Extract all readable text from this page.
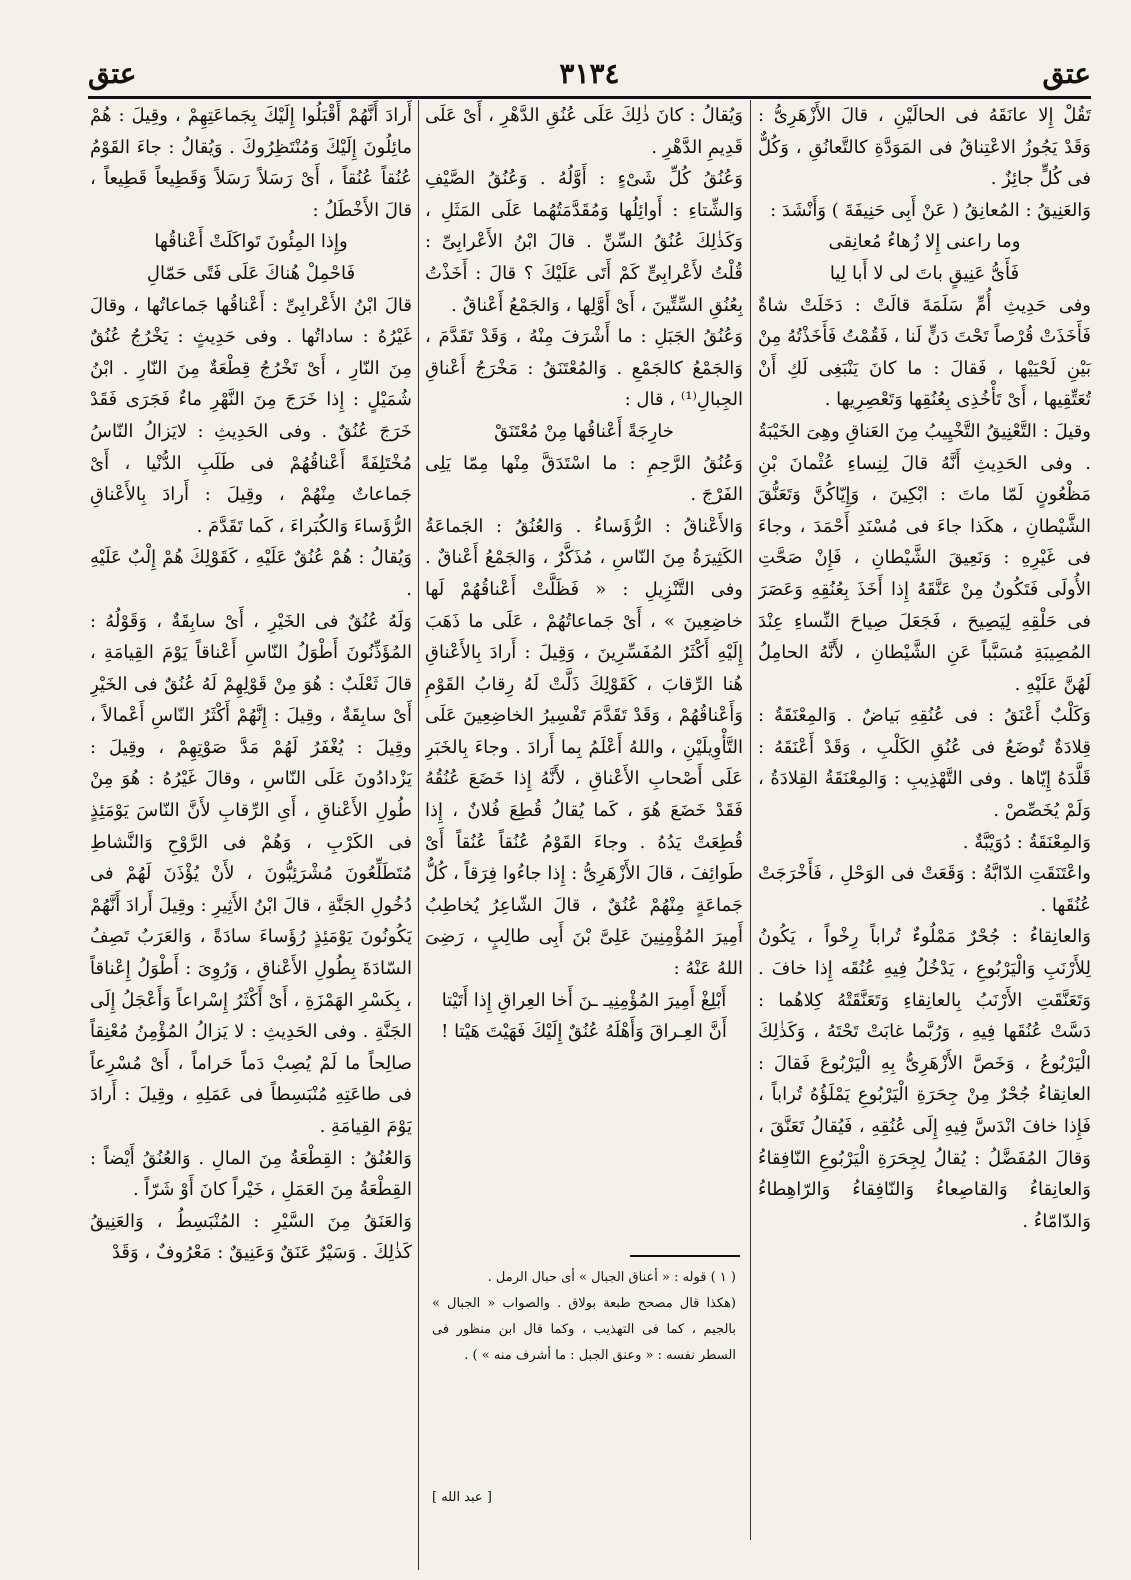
عتق
٣١٣٤
عتق

تَقُلْ إِلا عانَقَهُ فى الحالَيْنِ ، قالَ الأَزْهَرِىُّ : وَقَدْ يَجُوزُ الاعْتِناقُ فى المَوَدَّةِ كالتَّعانُقِ ، وَكُلٌّ فى كُلٍّ جائِزٌ .

وَالعَنِيقُ : المُعانِقُ ( عَنْ أَبِى حَنِيفَةَ ) وَأَنْشَدَ :

وما راعنى إِلا زُهاءُ مُعانِقى

فَأَىُّ عَنِيقٍ باتَ لى لا أَبا لِيا

وفى حَدِيثِ أُمِّ سَلَمَةَ قالَتْ : دَخَلَتْ شاةٌ فَأَخَذَتْ قُرْصاً تَحْتَ دَنٍّ لَنا ، فَقُمْتُ فَأَخَذْتُهُ مِنْ بَيْنِ لَحْيَيْها ، فَقالَ : ما كانَ يَنْبَغِى لَكِ أَنْ تُعَتِّقِيها ، أَىْ تَأْخُذِى بِعُنُقِها وَتَعْصِرِيها .

وقيلَ : التَّعْنِيقُ التَّخْيِيبُ مِنَ العَناقِ وهِىَ الخَيْبَةُ . وفى الحَدِيثِ أَنَّهُ قالَ لِنِساءِ عُثْمانَ بْنِ مَظْعُونٍ لَمّا ماتَ : ابْكِينَ ، وَإِيّاكُنَّ وَتَعَنُّقَ الشَّيْطانِ ، هكَذا جاءَ فى مُسْنَدِ أَحْمَدَ ، وجاءَ فى غَيْرِهِ : وَنَعِيقَ الشَّيْطانِ ، فَإِنْ صَحَّتِ الأُولَى فَتَكُونُ مِنْ عَنَّقَهُ إِذا أَخَذَ بِعُنُقِهِ وَعَصَرَ فى حَلْقِهِ لِيَصِيحَ ، فَجَعَلَ صِياحَ النِّساءِ عِنْدَ المُصِيبَةِ مُسَبَّباً عَنِ الشَّيْطانِ ، لأَنَّهُ الحامِلُ لَهُنَّ عَلَيْهِ .

وَكَلْبٌ أَعْنَقُ : فى عُنُقِهِ بَياضٌ . وَالمِعْنَقَةُ : قِلادَةٌ تُوضَعُ فى عُنُقِ الكَلْبِ ، وَقَدْ أَعْنَقَهُ : قَلَّدَهُ إِيّاها . وفى التَّهْذِيبِ : وَالمِعْنَقَةُ القِلادَةُ ، وَلَمْ يُخَصِّصْ .

وَالمِعْنَقَةُ : دُوَيْبَّةٌ .

واعْتَنَقَتِ الدّابَّةُ : وَقَعَتْ فى الوَحْلِ ، فَأَخْرَجَتْ عُنُقَها .

وَالعانِقاءُ : جُحْرٌ مَمْلُوءٌ تُراباً رِخْواً ، يَكُونُ لِلأَرْنَبِ وَالْيَرْبُوعِ ، يَدْخُلُ فِيهِ عُنُقَه إِذا خافَ . وَتَعَنَّقَتِ الأَرْنَبُ بِالعانِقاءِ وَتَعَنَّقَتْهُ كِلاهُما : دَسَّتْ عُنُقَها فِيهِ ، وَرُبَّما غابَتْ تَحْتَهُ ، وَكَذٰلِكَ الْيَرْبُوعُ ، وَخَصَّ الأَزْهَرِىُّ بِهِ الْيَرْبُوعَ فَقالَ : العانِقاءُ جُحْرٌ مِنْ جِحَرَةِ الْيَرْبُوعِ يَمْلَؤُهُ تُراباً ، فَإِذا خافَ انْدَسَّ فِيهِ إِلَى عُنُقِهِ ، فَيُقالُ تَعَنَّقَ ، وَقالَ المُفَضَّلُ : يُقالُ لِجِحَرَةِ الْيَرْبُوعِ النّافِقاءُ وَالعانِقاءُ وَالقاصِعاءُ وَالنّافِقاءُ وَالرّاهِطاءُ وَالدّامّاءُ .

وَيُقالُ : كانَ ذٰلِكَ عَلَى عُنُقِ الدَّهْرِ ، أَىْ عَلَى قَدِيمِ الدَّهْرِ .

وَعُنُقُ كُلِّ شَىْءٍ : أَوَّلُهُ . وَعُنُقُ الصَّيْفِ وَالشِّتاءِ : أَوائِلُها وَمُقَدَّمَتُهُما عَلَى المَثَلِ ، وَكَذٰلِكَ عُنُقُ السِّنِّ . قالَ ابْنُ الأَعْرابِىِّ : قُلْتُ لأَعْرابِىٍّ كَمْ أَتَى عَلَيْكَ ؟ قالَ : أَخَذْتُ بِعُنُقِ السِّتِّينَ ، أَىْ أَوَّلِها ، وَالجَمْعُ أَعْناقٌ .

وَعُنُقُ الجَبَلِ : ما أَشْرَفَ مِنْهُ ، وَقَدْ تَقَدَّمَ ، وَالجَمْعُ كالجَمْعِ . وَالمُعْتَنَقُ : مَخْرَجُ أَعْناقِ الجِبالِ⁽¹⁾ ، قال :

خارِجَةً أَعْناقُها مِنْ مُعْتَنَقْ

وَعُنُقُ الرَّحِمِ : ما اسْتَدَقَّ مِنْها مِمّا يَلِى الفَرْجَ .

وَالأَعْناقُ : الرُّؤَساءُ . وَالعُنُقُ : الجَماعَةُ الكَثِيرَةُ مِنَ النّاسِ ، مُذَكَّرٌ ، وَالجَمْعُ أَعْناقٌ . وفى التَّنْزِيلِ : « فَظَلَّتْ أَعْناقُهُمْ لَها خاضِعِينَ » ، أَىْ جَماعاتُهُمْ ، عَلَى ما ذَهَبَ إِلَيْهِ أَكْثَرُ المُفَسِّرِينَ ، وَقِيلَ : أَرادَ بِالأَعْناقِ هُنا الرِّقابَ ، كَقَوْلِكَ ذَلَّتْ لَهُ رِقابُ القَوْمِ وَأَعْناقُهُمْ ، وَقَدْ تَقَدَّمَ تَفْسِيرُ الخاضِعِينَ عَلَى التَّأْوِيلَيْنِ ، واللهُ أَعْلَمُ بِما أَرادَ . وجاءَ بِالخَبَرِ عَلَى أَصْحابِ الأَعْناقِ ، لأَنَّهُ إِذا خَضَعَ عُنُقُهُ فَقَدْ خَضَعَ هُوَ ، كَما يُقالُ قُطِعَ فُلانٌ ، إِذا قُطِعَتْ يَدُهُ . وجاءَ القَوْمُ عُنُقاً عُنُقاً أَىْ طَوائِفَ ، قالَ الأَزْهَرِىُّ : إِذا جاءُوا فِرَقاً ، كُلُّ جَماعَةٍ مِنْهُمْ عُنُقٌ ، قالَ الشّاعِرُ يُخاطِبُ أَمِيرَ المُؤْمِنِينَ عَلِىَّ بْنَ أَبِى طالِبٍ ، رَضِىَ اللهُ عَنْهُ :

أَبْلِغْ أَمِيرَ المُؤْمِنِيـ ـنَ أَخا العِراقِ إِذا أَتَيْتا

أَنَّ العِـراقَ وَأَهْلَهُ عُنُقٌ إِلَيْكَ فَهَيْتَ هَيْتا !

( ١ ) قوله : « أعناق الجبال » أى حبال الرمل .

(هكذا قال مصحح طبعة بولاق . والصواب « الجبال » بالجيم ، كما فى التهذيب ، وكما قال ابن منظور فى السطر نفسه : « وعنق الجبل : ما أشرف منه » ) .

[ عبد الله ]

أَرادَ أَنَّهُمْ أَقْبَلُوا إِلَيْكَ بِجَماعَتِهِمْ ، وقِيلَ : هُمْ مائِلُونَ إِلَيْكَ وَمُنْتَظِرُوكَ . وَيُقالُ : جاءَ القَوْمُ عُنُقاً عُنُقاً ، أَىْ رَسَلاً رَسَلاً وَقَطِيعاً قَطِيعاً ، قالَ الأَخْطَلُ :

وإِذا المِئُونَ تَواكَلَتْ أَعْناقُها

فَاحْمِلْ هُناكَ عَلَى فَتًى حَمّالِ

قالَ ابْنُ الأَعْرابِىِّ : أَعْناقُها جَماعاتُها ، وقالَ غَيْرُهُ : ساداتُها . وفى حَدِيثٍ : يَخْرُجُ عُنُقٌ مِنَ النّارِ ، أَىْ تَخْرُجُ قِطْعَةٌ مِنَ النّارِ . ابْنُ شُمَيْلٍ : إِذا خَرَجَ مِنَ النَّهْرِ ماءٌ فَجَرَى فَقَدْ خَرَجَ عُنُقٌ . وفى الحَدِيثِ : لايَزالُ النّاسُ مُخْتَلِفَةً أَعْناقُهُمْ فى طَلَبِ الدُّنْيا ، أَىْ جَماعاتٌ مِنْهُمْ ، وقِيلَ : أَرادَ بِالأَعْناقِ الرُّؤَساءَ وَالكُبَراءَ ، كَما تَقَدَّمَ .

وَيُقالُ : هُمْ عُنُقٌ عَلَيْهِ ، كَقَوْلِكَ هُمْ إِلْبٌ عَلَيْهِ .

وَلَهُ عُنُقٌ فى الخَيْرِ ، أَىْ سابِقَةٌ ، وَقَوْلُهُ : المُؤَذِّنُونَ أَطْوَلُ النّاسِ أَعْناقاً يَوْمَ القِيامَةِ ، قالَ ثَعْلَبٌ : هُوَ مِنْ قَوْلِهِمْ لَهُ عُنُقٌ فى الخَيْرِ أَىْ سابِقَةٌ ، وقِيلَ : إِنَّهُمْ أَكْثَرُ النّاسِ أَعْمالاً ، وقِيلَ : يُغْفَرُ لَهُمْ مَدَّ صَوْتِهِمْ ، وقِيلَ : يَزْدادُونَ عَلَى النّاسِ ، وقالَ غَيْرُهُ : هُوَ مِنْ طُولِ الأَعْناقِ ، أَىِ الرِّقابِ لأَنَّ النّاسَ يَوْمَئِذٍ فى الكَرْبِ ، وَهُمْ فى الرَّوْحِ وَالنَّشاطِ مُتَطَلِّعُونَ مُشْرَئِبُّونَ ، لأَنْ يُؤْذَنَ لَهُمْ فى دُخُولِ الجَنَّةِ ، قالَ ابْنُ الأَثِيرِ : وقِيلَ أَرادَ أَنَّهُمْ يَكُونُونَ يَوْمَئِذٍ رُؤَساءَ سادَةً ، وَالعَرَبُ تَصِفُ السّادَةَ بِطُولِ الأَعْناقِ ، وَرُوِىَ : أَطْوَلُ إِعْناقاً ، بِكَسْرِ الهَمْزَةِ ، أَىْ أَكْثَرُ إِسْراعاً وَأَعْجَلُ إِلَى الجَنَّةِ . وفى الحَدِيثِ : لا يَزالُ المُؤْمِنُ مُعْنِقاً صالِحاً ما لَمْ يُصِبْ دَماً حَراماً ، أَىْ مُسْرِعاً فى طاعَتِهِ مُنْبَسِطاً فى عَمَلِهِ ، وقِيلَ : أَرادَ يَوْمَ القِيامَةِ .

وَالعُنُقُ : القِطْعَةُ مِنَ المالِ . وَالعُنُقُ أَيْضاً : القِطْعَةُ مِنَ العَمَلِ ، خَيْراً كانَ أَوْ شَرّاً .

وَالعَنَقُ مِنَ السَّيْرِ : المُنْبَسِطُ ، وَالعَنِيقُ كَذٰلِكَ . وَسَيْرٌ عَنَقٌ وَعَنِيقٌ : مَعْرُوفٌ ، وَقَدْ
